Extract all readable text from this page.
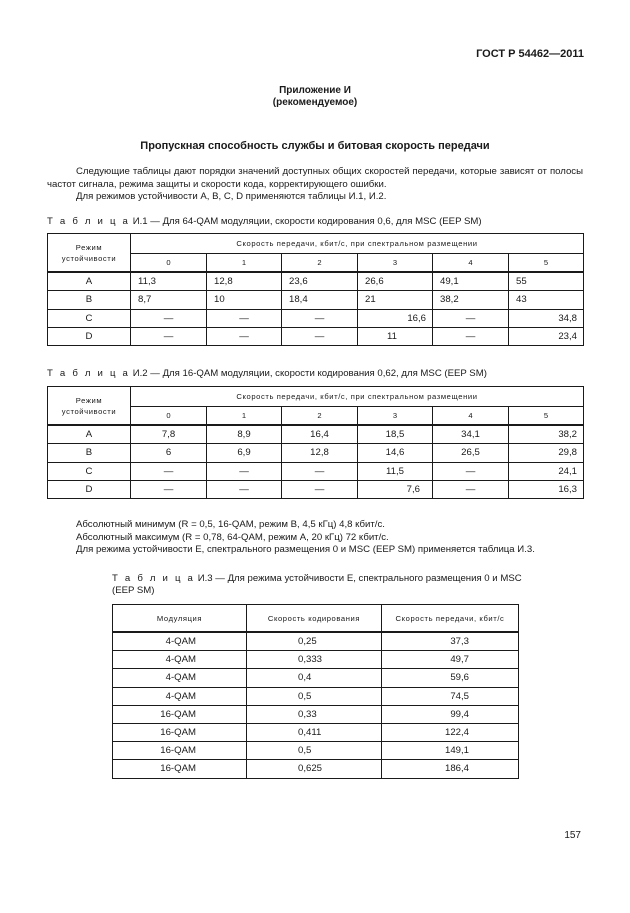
ГОСТ Р 54462—2011
Приложение И
(рекомендуемое)
Пропускная способность службы и битовая скорость передачи
Следующие таблицы дают порядки значений доступных общих скоростей передачи, которые зависят от полосы частот сигнала, режима защиты и скорости кода, корректирующего ошибки.
Для режимов устойчивости А, В, С, D применяются таблицы И.1, И.2.
Т а б л и ц а И.1 — Для 64-QAM модуляции, скорости кодирования 0,6, для MSC (EEP SM)
Режим устойчивости	Скорость передачи, кбит/с, при спектральном размещении					
	0	1	2	3	4	5
А	11,3	12,8	23,6	26,6	49,1	55
В	8,7	10	18,4	21	38,2	43
С	—	—	—	16,6	—	34,8
D	—	—	—	11	—	23,4
Т а б л и ц а И.2 — Для 16-QAM модуляции, скорости кодирования 0,62, для MSC (EEP SM)
Режим устойчивости	Скорость передачи, кбит/с, при спектральном размещении					
	0	1	2	3	4	5
А	7,8	8,9	16,4	18,5	34,1	38,2
В	6	6,9	12,8	14,6	26,5	29,8
С	—	—	—	11,5	—	24,1
D	—	—	—	7,6	—	16,3
Абсолютный минимум (R = 0,5, 16-QAM, режим В, 4,5 кГц) 4,8 кбит/с.
Абсолютный максимум (R = 0,78, 64-QAM, режим А, 20 кГц) 72 кбит/с.
Для режима устойчивости Е, спектрального размещения 0 и MSC (EEP SM) применяется таблица И.3.
Т а б л и ц а И.3 — Для режима устойчивости Е, спектрального размещения 0 и MSC
(EEP SM)
Модуляция	Скорость кодирования	Скорость передачи, кбит/с
4-QAM	0,25	37,3
4-QAM	0,333	49,7
4-QAM	0,4	59,6
4-QAM	0,5	74,5
16-QAM	0,33	99,4
16-QAM	0,411	122,4
16-QAM	0,5	149,1
16-QAM	0,625	186,4
157
